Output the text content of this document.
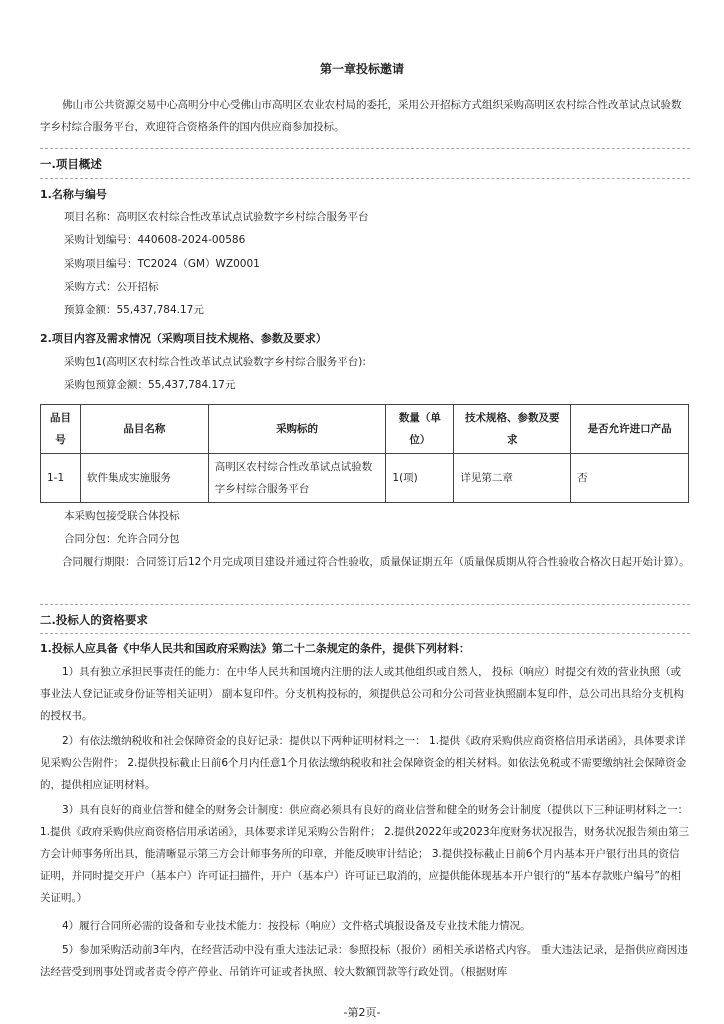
第一章投标邀请
佛山市公共资源交易中心高明分中心受佛山市高明区农业农村局的委托，采用公开招标方式组织采购高明区农村综合性改革试点试验数字乡村综合服务平台，欢迎符合资格条件的国内供应商参加投标。
一.项目概述
1.名称与编号
项目名称：高明区农村综合性改革试点试验数字乡村综合服务平台
采购计划编号：440608-2024-00586
采购项目编号：TC2024（GM）WZ0001
采购方式：公开招标
预算金额：55,437,784.17元
2.项目内容及需求情况（采购项目技术规格、参数及要求）
采购包1(高明区农村综合性改革试点试验数字乡村综合服务平台):
采购包预算金额：55,437,784.17元
品目号	品目名称	采购标的	数量（单位）	技术规格、参数及要求	是否允许进口产品
1-1	软件集成实施服务	高明区农村综合性改革试点试验数字乡村综合服务平台	1(项)	详见第二章	否
本采购包接受联合体投标
合同分包：允许合同分包
合同履行期限：合同签订后12个月完成项目建设并通过符合性验收，质量保证期五年（质量保质期从符合性验收合格次日起开始计算）。
二.投标人的资格要求
1.投标人应具备《中华人民共和国政府采购法》第二十二条规定的条件，提供下列材料：
1）具有独立承担民事责任的能力：在中华人民共和国境内注册的法人或其他组织或自然人， 投标（响应）时提交有效的营业执照（或事业法人登记证或身份证等相关证明） 副本复印件。分支机构投标的，须提供总公司和分公司营业执照副本复印件，总公司出具给分支机构的授权书。
2）有依法缴纳税收和社会保障资金的良好记录：提供以下两种证明材料之一： 1.提供《政府采购供应商资格信用承诺函》，具体要求详见采购公告附件； 2.提供投标截止日前6个月内任意1个月依法缴纳税收和社会保障资金的相关材料。如依法免税或不需要缴纳社会保障资金的，提供相应证明材料。
3）具有良好的商业信誉和健全的财务会计制度：供应商必须具有良好的商业信誉和健全的财务会计制度（提供以下三种证明材料之一： 1.提供《政府采购供应商资格信用承诺函》，具体要求详见采购公告附件； 2.提供2022年或2023年度财务状况报告，财务状况报告须由第三方会计师事务所出具，能清晰显示第三方会计师事务所的印章，并能反映审计结论； 3.提供投标截止日前6个月内基本开户银行出具的资信证明，并同时提交开户（基本户）许可证扫描件，开户（基本户）许可证已取消的，应提供能体现基本开户银行的“基本存款账户编号”的相关证明。）
4）履行合同所必需的设备和专业技术能力：按投标（响应）文件格式填报设备及专业技术能力情况。
5）参加采购活动前3年内，在经营活动中没有重大违法记录：参照投标（报价）函相关承诺格式内容。 重大违法记录，是指供应商因违法经营受到刑事处罚或者责令停产停业、吊销许可证或者执照、较大数额罚款等行政处罚。（根据财库
-第2页-
